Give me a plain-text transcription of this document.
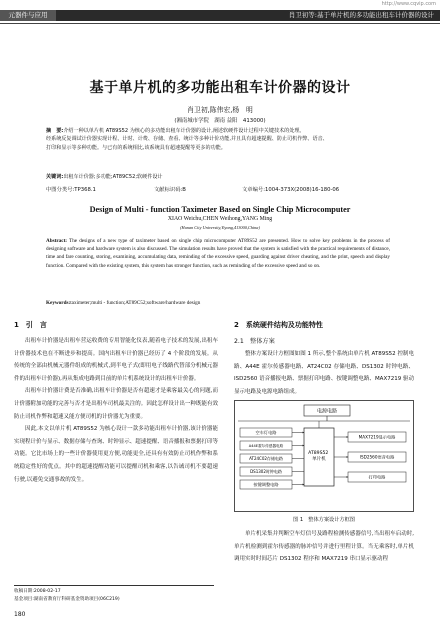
http://www.cqvip.com
元器件与应用	肖卫初等:基于单片机的多功能出租车计价器的设计
基于单片机的多功能出租车计价器的设计
肖卫初,陈伟宏,杨　明
(湘南城市学院　湖南 益阳　413000)
摘　要:介绍一种以单片机 AT89S52 为核心的多功能出租车计价器的设计,阐述软硬件设计过程中关键技术的处理。
经系统反复调试计价器实现计程、计时、计费、存储、查看、统计等多种计价功能,并且具有超速提醒、防止司机作弊、语音、
打印和显示等多种功能。与已有的系统相比,该系统具有超速提醒等更多的功能。
关键词:出租车计价器;多功能;AT89C52;软硬件设计
中图分类号:TP368.1	文献标识码:B	文章编号:1004-373X(2008)16-180-06
Design of Multi - function Taximeter Based on Single Chip Microcomputer
XIAO Weichu,CHEN Weihong,YANG Ming
(Hunan City University,Yiyang,413000,China)
Abstract: The designs of a new type of taximeter based on single chip microcomputer AT89S52 are presented. How to solve key problems in the process of designing software and hardware system is also discussed. The simulation results have proved that the system is satisfied with the practical requirements of distance, time and fare counting, storing, examining, accumulating data, reminding of the excessive speed, guarding against driver cheating, and the print, speech and display function. Compared with the existing system, this system has stronger function, such as reminding of the excessive speed and so on.
Keywords:taximeter;multi - function;AT89C52;software/hardware design
1　引　言

出租车计价器是出租车营运收费的专用智能化仪表,随着电子技术的发展,出租车计价器技术也在不断进步和提高。国内出租车计价器已经历了 4 个阶段的发展。从传统的全部由机械元器件组成的机械式,到半电子式(即用电子线路代替部分机械元器件的出租车计价器),再从集成电路到目前的单片机系统设计的出租车计价器。

出租车计价器计费是否准确,出租车计价器是否有超速才是乘客最关心的问题,而计价器附加功能的完善与否才是出租车司机最关注的。因此怎样设计出一种既能有效防止司机作弊和超速又能方便司机的计价器尤为重要。

因此,本文以单片机 AT89S52 为核心设计一款多功能出租车计价器,该计价器能实现程计价与显示、数据存储与查询、时钟显示、超速提醒、语音播报和票据打印等功能。它比市场上的一些计价器使用更方便,功能更全,还具有有效防止司机作弊和系统稳定性好的优点。其中的超速提醒功能可以提醒司机和乘客,以告诫司机不要超速行驶,以避免交通事故的发生。

2　系统硬件结构及功能特性
2.1　整体方案
整体方案设计方框图如图 1 所示,整个系统由单片机 AT89S52 控制电路、A44E 霍尔传感器电路、AT24C02 存储电路、DS1302 时钟电路、ISD2560 语音播报电路、票据打印电路、按键调整电路、MAX7219 驱动显示电路及电源电路组成。
电源电路
AT89S52 单片机
空车灯电路
A44E霍尔传感器电路
AT24C02存储电路
DS1302时钟电路
按键调整电路
MAX7219显示电路
ISD2560语音电路
打印电路
图 1　整体方案设计方框图
单片机采集并判断空车灯信号及路程检测传感器信号,当出租车启动时,单片机检测到霍尔传感器的脉冲信号并进行里程计算。当无乘客时,单片机调用实时时间芯片 DS1302 程序和 MAX7219 串口显示驱动程
收稿日期:2008-02-17
基金项目:湖南省教育厅科研基金资助项目(06C219)
180
